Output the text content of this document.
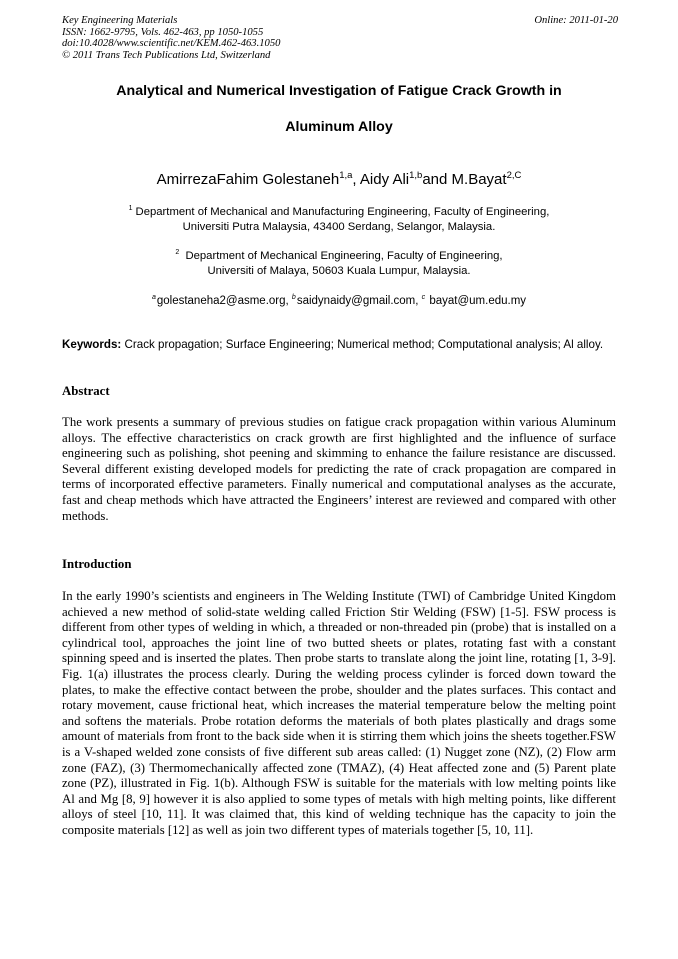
Key Engineering Materials
ISSN: 1662-9795, Vols. 462-463, pp 1050-1055
doi:10.4028/www.scientific.net/KEM.462-463.1050
© 2011 Trans Tech Publications Ltd, Switzerland
Online: 2011-01-20
Analytical and Numerical Investigation of Fatigue Crack Growth in
Aluminum Alloy
AmirrezaFahim Golestaneh$^{1,a}$, Aidy Ali$^{1,b}$and M.Bayat$^{2,C}$
$^1$ Department of Mechanical and Manufacturing Engineering, Faculty of Engineering,
Universiti Putra Malaysia, 43400 Serdang, Selangor, Malaysia.
$^2$ Department of Mechanical Engineering, Faculty of Engineering,
Universiti of Malaya, 50603 Kuala Lumpur, Malaysia.
$^a$golestaneha2@asme.org, $^b$saidynaidy@gmail.com, $^c$ bayat@um.edu.my
Keywords: Crack propagation; Surface Engineering; Numerical method; Computational analysis; Al alloy.
Abstract
The work presents a summary of previous studies on fatigue crack propagation within various Aluminum alloys. The effective characteristics on crack growth are first highlighted and the influence of surface engineering such as polishing, shot peening and skimming to enhance the failure resistance are discussed. Several different existing developed models for predicting the rate of crack propagation are compared in terms of incorporated effective parameters. Finally numerical and computational analyses as the accurate, fast and cheap methods which have attracted the Engineers’ interest are reviewed and compared with other methods.
Introduction
In the early 1990’s scientists and engineers in The Welding Institute (TWI) of Cambridge United Kingdom achieved a new method of solid-state welding called Friction Stir Welding (FSW) [1-5]. FSW process is different from other types of welding in which, a threaded or non-threaded pin (probe) that is installed on a cylindrical tool, approaches the joint line of two butted sheets or plates, rotating fast with a constant spinning speed and is inserted the plates. Then probe starts to translate along the joint line, rotating [1, 3-9]. Fig. 1(a) illustrates the process clearly. During the welding process cylinder is forced down toward the plates, to make the effective contact between the probe, shoulder and the plates surfaces. This contact and rotary movement, cause frictional heat, which increases the material temperature below the melting point and softens the materials. Probe rotation deforms the materials of both plates plastically and drags some amount of materials from front to the back side when it is stirring them which joins the sheets together.FSW is a V-shaped welded zone consists of five different sub areas called: (1) Nugget zone (NZ), (2) Flow arm zone (FAZ), (3) Thermomechanically affected zone (TMAZ), (4) Heat affected zone and (5) Parent plate zone (PZ), illustrated in Fig. 1(b). Although FSW is suitable for the materials with low melting points like Al and Mg [8, 9] however it is also applied to some types of metals with high melting points, like different alloys of steel [10, 11]. It was claimed that, this kind of welding technique has the capacity to join the composite materials [12] as well as join two different types of materials together [5, 10, 11].
